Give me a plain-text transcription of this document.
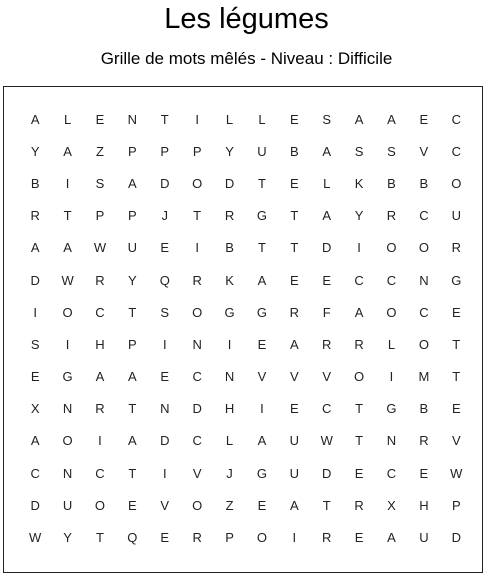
Les légumes
Grille de mots mêlés - Niveau : Difficile
A	L	E	N	T	I	L	L	E	S	A	A	E	C
Y	A	Z	P	P	P	Y	U	B	A	S	S	V	C
B	I	S	A	D	O	D	T	E	L	K	B	B	O
R	T	P	P	J	T	R	G	T	A	Y	R	C	U
A	A	W	U	E	I	B	T	T	D	I	O	O	R
D	W	R	Y	Q	R	K	A	E	E	C	C	N	G
I	O	C	T	S	O	G	G	R	F	A	O	C	E
S	I	H	P	I	N	I	E	A	R	R	L	O	T
E	G	A	A	E	C	N	V	V	V	O	I	M	T
X	N	R	T	N	D	H	I	E	C	T	G	B	E
A	O	I	A	D	C	L	A	U	W	T	N	R	V
C	N	C	T	I	V	J	G	U	D	E	C	E	W
D	U	O	E	V	O	Z	E	A	T	R	X	H	P
W	Y	T	Q	E	R	P	O	I	R	E	A	U	D
